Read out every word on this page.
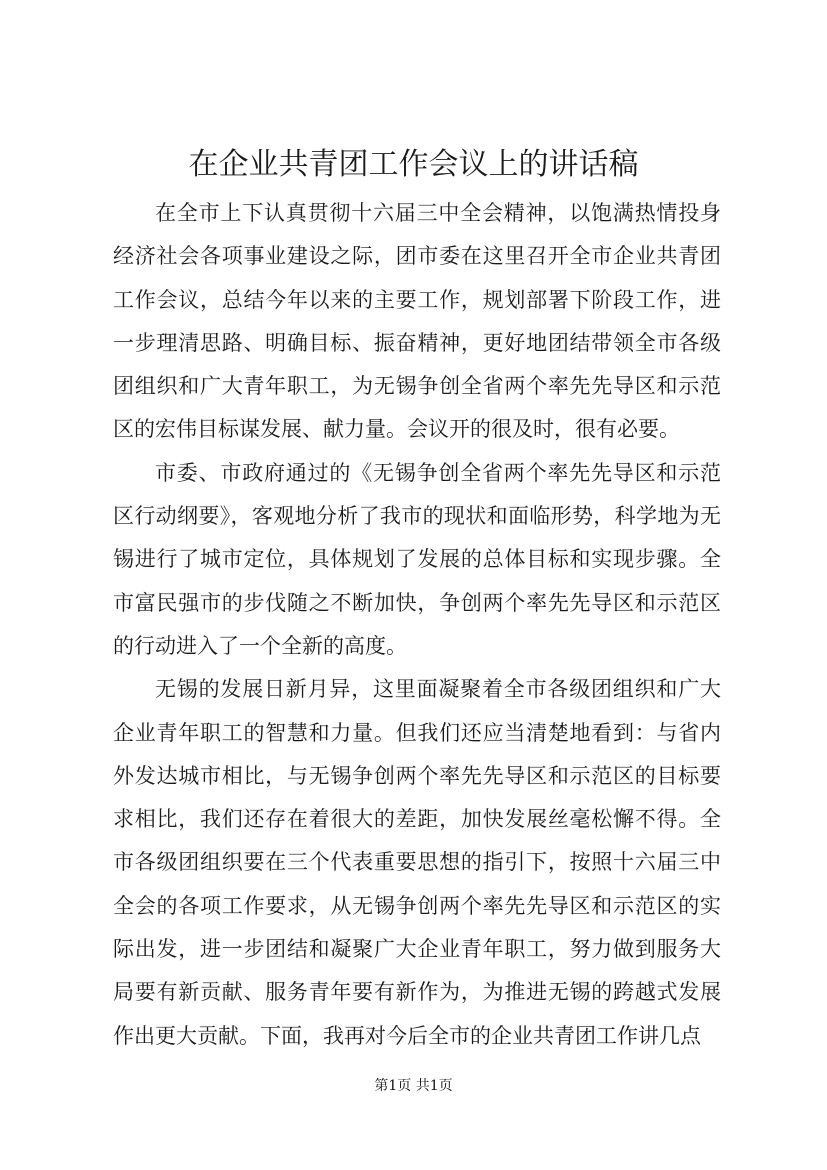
在企业共青团工作会议上的讲话稿

在全市上下认真贯彻十六届三中全会精神，以饱满热情投身经济社会各项事业建设之际，团市委在这里召开全市企业共青团工作会议，总结今年以来的主要工作，规划部署下阶段工作，进一步理清思路、明确目标、振奋精神，更好地团结带领全市各级团组织和广大青年职工，为无锡争创全省两个率先先导区和示范区的宏伟目标谋发展、献力量。会议开的很及时，很有必要。

市委、市政府通过的《无锡争创全省两个率先先导区和示范区行动纲要》，客观地分析了我市的现状和面临形势，科学地为无锡进行了城市定位，具体规划了发展的总体目标和实现步骤。全市富民强市的步伐随之不断加快，争创两个率先先导区和示范区的行动进入了一个全新的高度。

无锡的发展日新月异，这里面凝聚着全市各级团组织和广大企业青年职工的智慧和力量。但我们还应当清楚地看到：与省内外发达城市相比，与无锡争创两个率先先导区和示范区的目标要求相比，我们还存在着很大的差距，加快发展丝毫松懈不得。全市各级团组织要在三个代表重要思想的指引下，按照十六届三中全会的各项工作要求，从无锡争创两个率先先导区和示范区的实际出发，进一步团结和凝聚广大企业青年职工，努力做到服务大局要有新贡献、服务青年要有新作为，为推进无锡的跨越式发展作出更大贡献。下面，我再对今后全市的企业共青团工作讲几点

第1页 共1页
